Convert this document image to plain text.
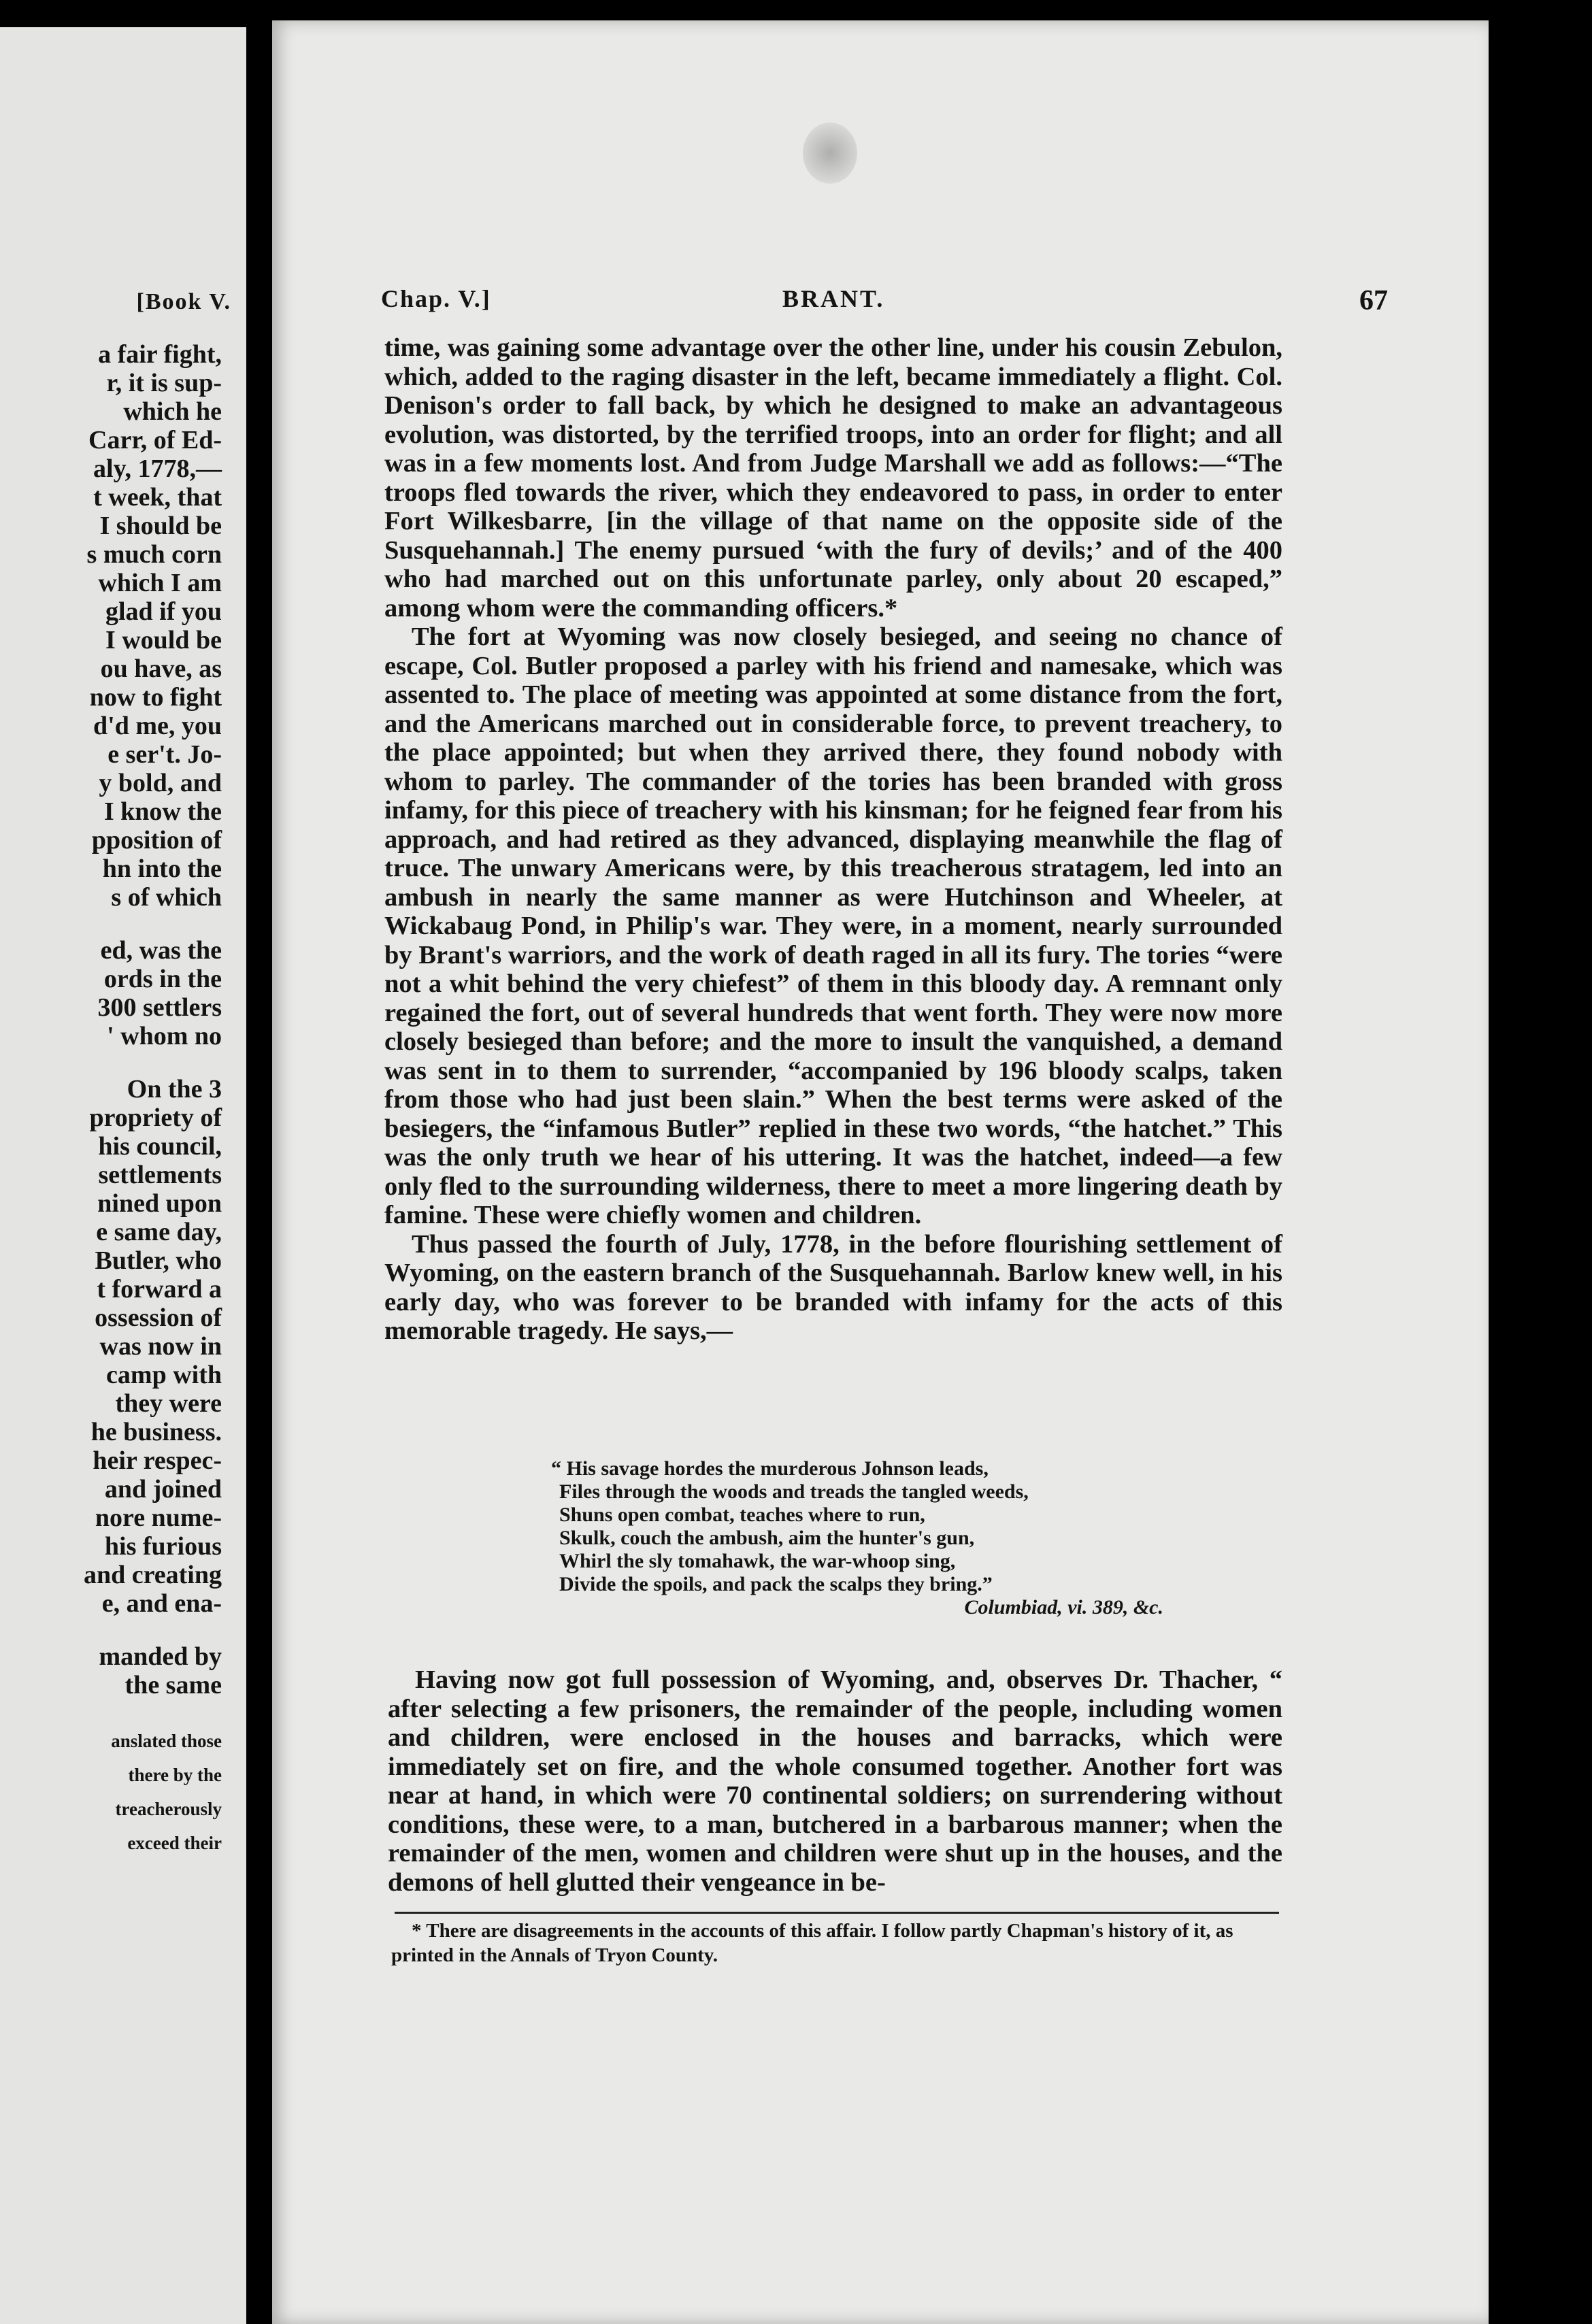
[Book V.
a fair fight,
r, it is sup-
which he
Carr, of Ed-
aly, 1778,—
t week, that
I should be
s much corn
which I am
glad if you
I would be
ou have, as
now to fight
d'd me, you
e ser't. Jo-
y bold, and
I know the
pposition of
hn into the
s of which
ed, was the
ords in the
300 settlers
' whom no
On the 3
propriety of
his council,
settlements
nined upon
e same day,
Butler, who
t forward a
ossession of
was now in
camp with
they were
he business.
heir respec-
and joined
nore nume-
his furious
and creating
e, and ena-
manded by
the same
anslated those
there by the
treacherously
exceed their
Chap. V.]	BRANT.	67

time, was gaining some advantage over the other line, under his cousin Zebulon, which, added to the raging disaster in the left, became immediately a flight. Col. Denison's order to fall back, by which he designed to make an advantageous evolution, was distorted, by the terrified troops, into an order for flight; and all was in a few moments lost. And from Judge Marshall we add as follows:—“The troops fled towards the river, which they endeavored to pass, in order to enter Fort Wilkesbarre, [in the village of that name on the opposite side of the Susquehannah.] The enemy pursued ‘with the fury of devils;’ and of the 400 who had marched out on this unfortunate parley, only about 20 escaped,” among whom were the commanding officers.*

The fort at Wyoming was now closely besieged, and seeing no chance of escape, Col. Butler proposed a parley with his friend and namesake, which was assented to. The place of meeting was appointed at some distance from the fort, and the Americans marched out in considerable force, to prevent treachery, to the place appointed; but when they arrived there, they found nobody with whom to parley. The commander of the tories has been branded with gross infamy, for this piece of treachery with his kinsman; for he feigned fear from his approach, and had retired as they advanced, displaying meanwhile the flag of truce. The unwary Americans were, by this treacherous stratagem, led into an ambush in nearly the same manner as were Hutchinson and Wheeler, at Wickabaug Pond, in Philip's war. They were, in a moment, nearly surrounded by Brant's warriors, and the work of death raged in all its fury. The tories “were not a whit behind the very chiefest” of them in this bloody day. A remnant only regained the fort, out of several hundreds that went forth. They were now more closely besieged than before; and the more to insult the vanquished, a demand was sent in to them to surrender, “accompanied by 196 bloody scalps, taken from those who had just been slain.” When the best terms were asked of the besiegers, the “infamous Butler” replied in these two words, “the hatchet.” This was the only truth we hear of his uttering. It was the hatchet, indeed—a few only fled to the surrounding wilderness, there to meet a more lingering death by famine. These were chiefly women and children.

Thus passed the fourth of July, 1778, in the before flourishing settlement of Wyoming, on the eastern branch of the Susquehannah. Barlow knew well, in his early day, who was forever to be branded with infamy for the acts of this memorable tragedy. He says,—

“ His savage hordes the murderous Johnson leads,
Files through the woods and treads the tangled weeds,
Shuns open combat, teaches where to run,
Skulk, couch the ambush, aim the hunter's gun,
Whirl the sly tomahawk, the war-whoop sing,
Divide the spoils, and pack the scalps they bring.”
Columbiad, vi. 389, &c.

Having now got full possession of Wyoming, and, observes Dr. Thacher, “ after selecting a few prisoners, the remainder of the people, including women and children, were enclosed in the houses and barracks, which were immediately set on fire, and the whole consumed together. Another fort was near at hand, in which were 70 continental soldiers; on surrendering without conditions, these were, to a man, butchered in a barbarous manner; when the remainder of the men, women and children were shut up in the houses, and the demons of hell glutted their vengeance in be-

* There are disagreements in the accounts of this affair. I follow partly Chapman's history of it, as printed in the Annals of Tryon County.
